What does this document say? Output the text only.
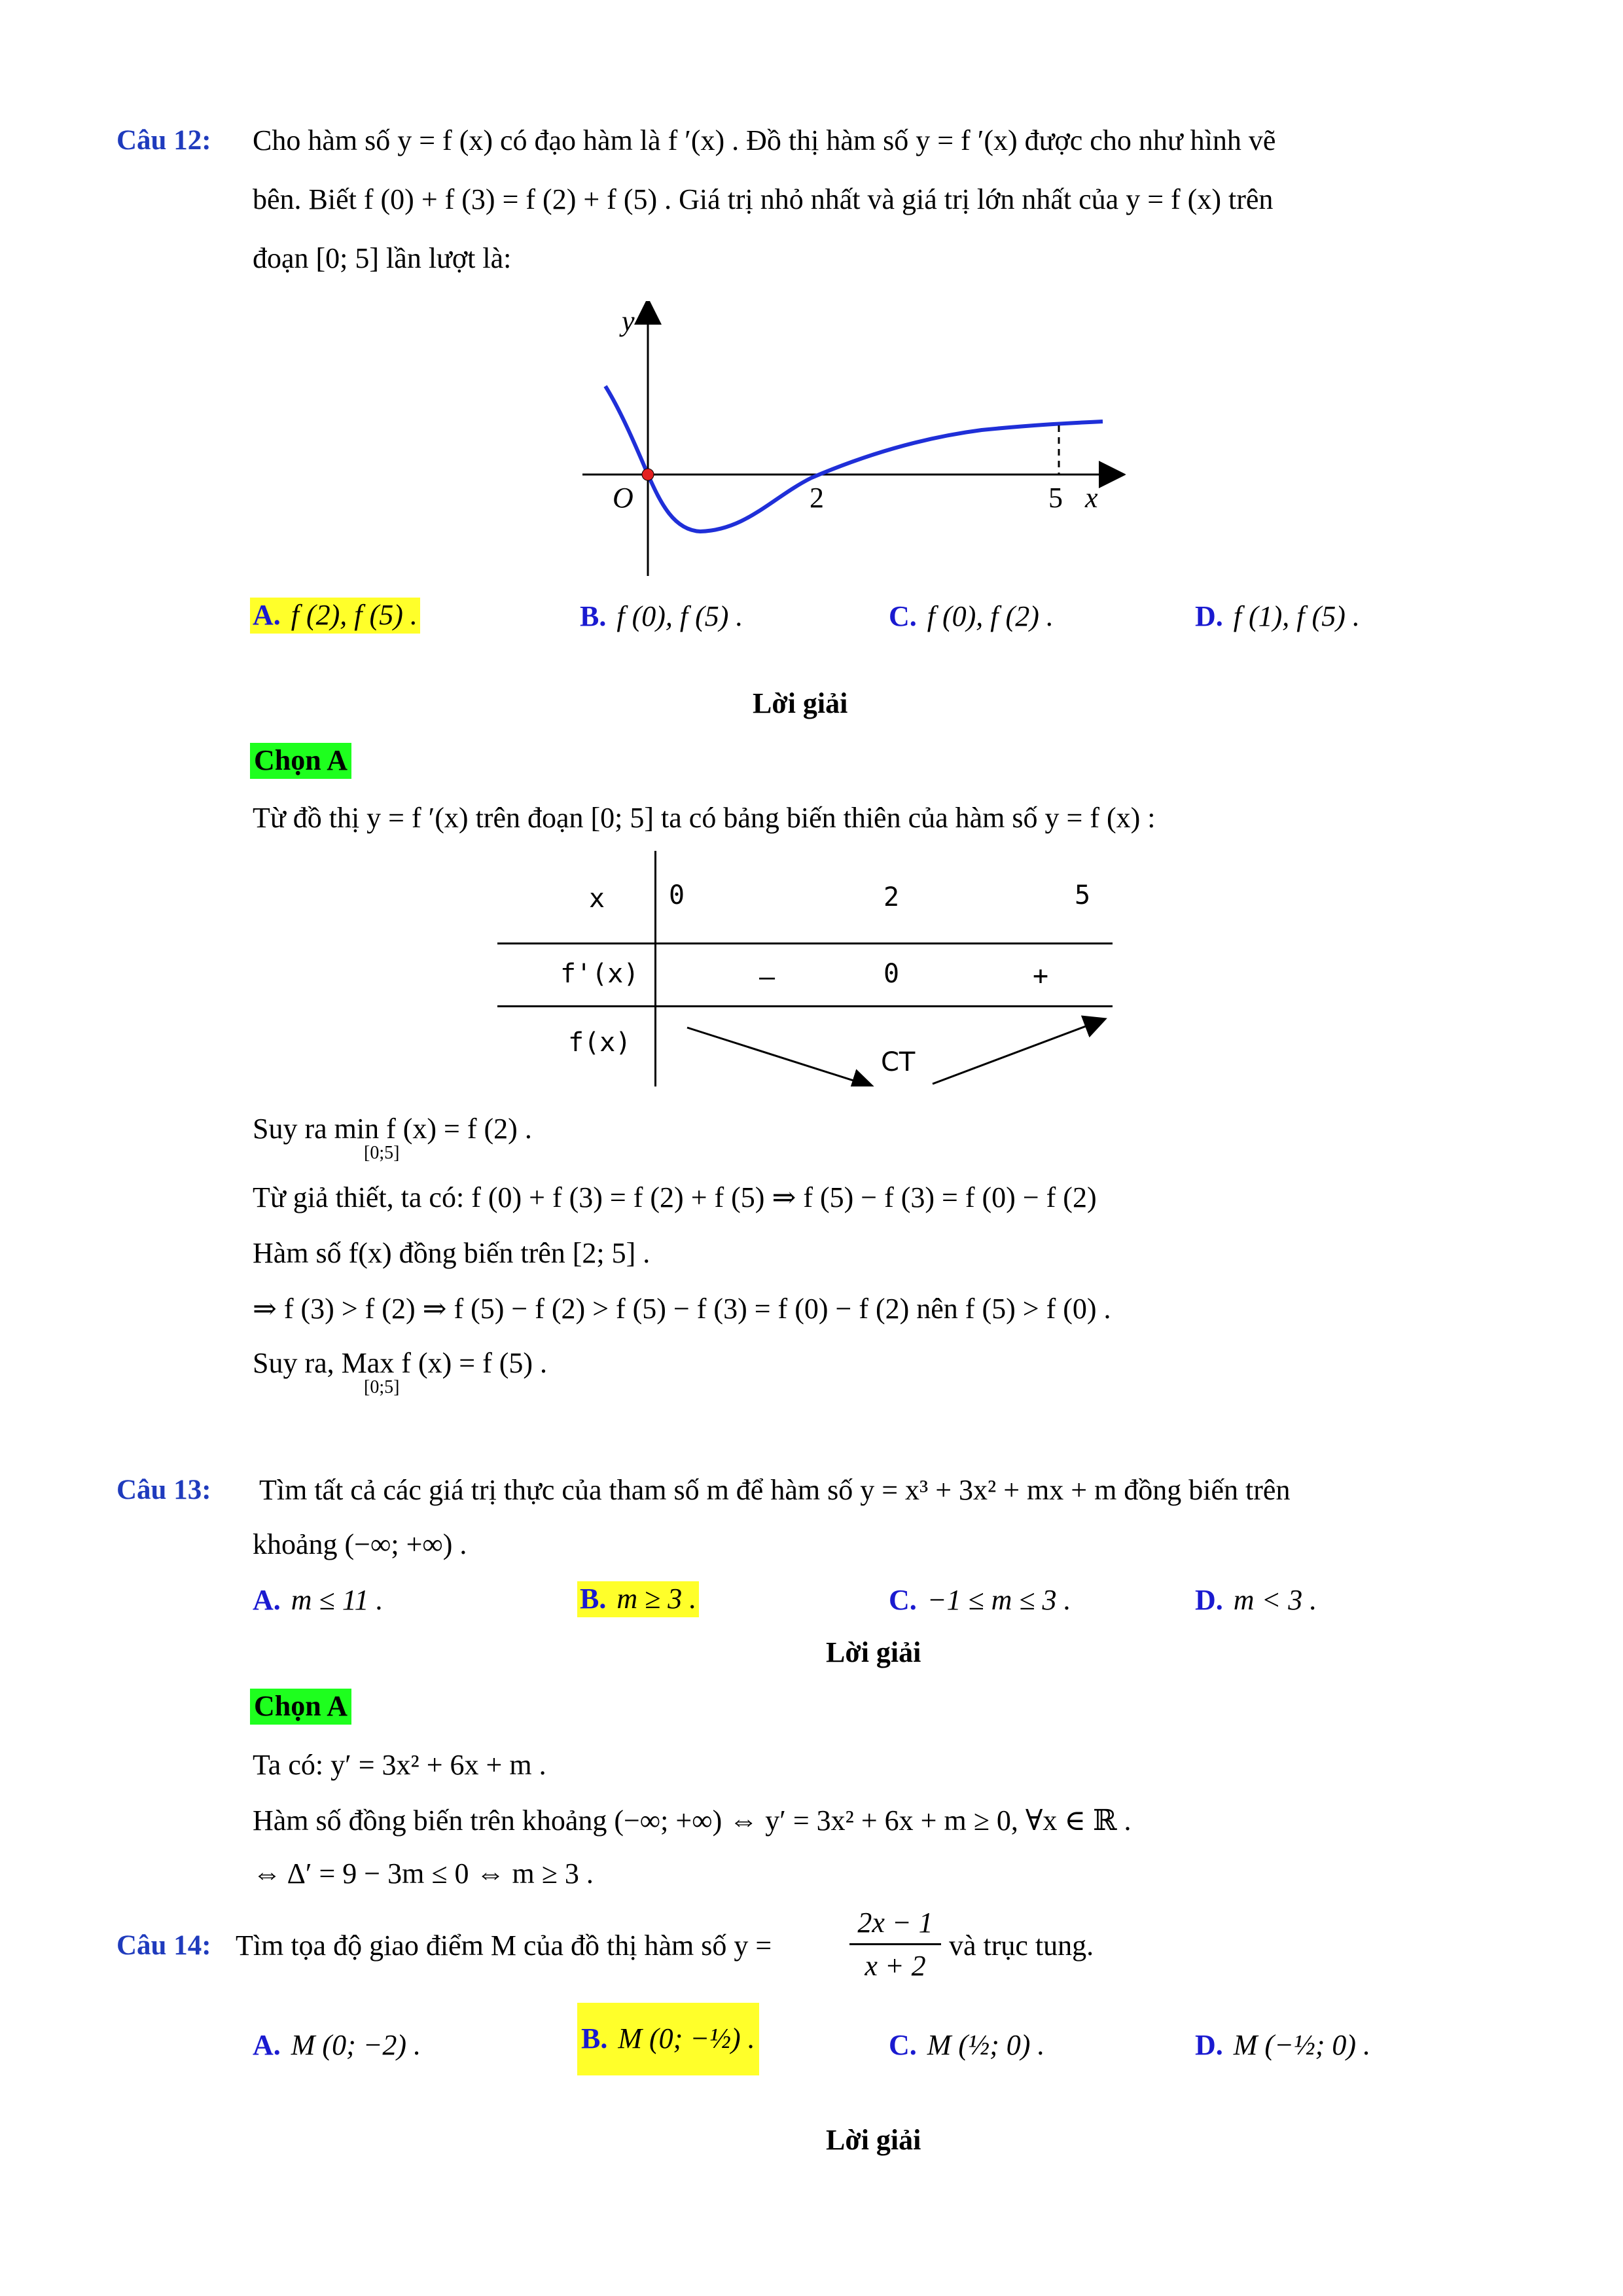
Câu 12: Cho hàm số y = f (x) có đạo hàm là f ′(x) . Đồ thị hàm số y = f ′(x) được cho như hình vẽ
bên. Biết f (0) + f (3) = f (2) + f (5) . Giá trị nhỏ nhất và giá trị lớn nhất của y = f (x) trên
đoạn [0; 5] lần lượt là:
y
x
O	2	5
A. f (2), f (5) .	B. f (0), f (5) .	C. f (0), f (2) .	D. f (1), f (5) .
Lời giải
Chọn A
Từ đồ thị y = f ′(x) trên đoạn [0; 5] ta có bảng biến thiên của hàm số y = f (x) :
x 0	2	5
f'(x)	–	0	+
f(x)
CT
Suy ra min f (x) = f (2) .
[0;5]
Từ giả thiết, ta có: f (0) + f (3) = f (2) + f (5) ⇒ f (5) − f (3) = f (0) − f (2)
Hàm số f(x) đồng biến trên [2; 5] .
⇒ f (3) > f (2) ⇒ f (5) − f (2) > f (5) − f (3) = f (0) − f (2) nên f (5) > f (0) .
Suy ra, Max f (x) = f (5) .
[0;5]
Câu 13: Tìm tất cả các giá trị thực của tham số m để hàm số y = x³ + 3x² + mx + m đồng biến trên
khoảng (−∞; +∞) .
A. m ≤ 11 .	B. m ≥ 3 .	C. −1 ≤ m ≤ 3 .	D. m < 3 .
Lời giải
Chọn A
Ta có: y′ = 3x² + 6x + m .
Hàm số đồng biến trên khoảng (−∞; +∞) ⇔ y′ = 3x² + 6x + m ≥ 0, ∀x ∈ ℝ .
⇔ Δ′ = 9 − 3m ≤ 0 ⇔ m ≥ 3 .
Câu 14: Tìm tọa độ giao điểm M của đồ thị hàm số y =	$\frac{2x - 1}{x + 2}$ và trục tung.
A. M (0; −2) .	B. M (0; −½) .	C. M (½; 0) .	D. M (−½; 0) .
Lời giải
